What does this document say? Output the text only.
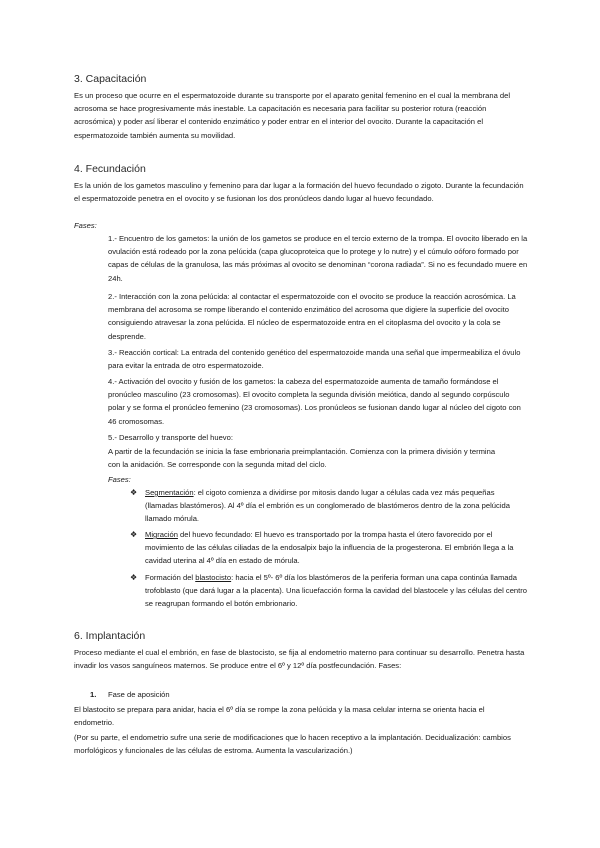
3. Capacitación

Es un proceso que ocurre en el espermatozoide durante su transporte por el aparato genital femenino en el cual la membrana del acrosoma se hace progresivamente más inestable. La capacitación es necesaria para facilitar su posterior rotura (reacción acrosómica) y poder así liberar el contenido enzimático y poder entrar en el interior del ovocito. Durante la capacitación el espermatozoide también aumenta su movilidad.

4. Fecundación

Es la unión de los gametos masculino y femenino para dar lugar a la formación del huevo fecundado o zigoto. Durante la fecundación el espermatozoide penetra en el ovocito y se fusionan los dos pronúcleos dando lugar al huevo fecundado.

Fases:

1.- Encuentro de los gametos: la unión de los gametos se produce en el tercio externo de la trompa. El ovocito liberado en la ovulación está rodeado por la zona pelúcida (capa glucoproteica que lo protege y lo nutre) y el cúmulo oóforo formado por capas de células de la granulosa, las más próximas al ovocito se denominan “corona radiada”. Si no es fecundado muere en 24h.

2.- Interacción con la zona pelúcida: al contactar el espermatozoide con el ovocito se produce la reacción acrosómica. La membrana del acrosoma se rompe liberando el contenido enzimático del acrosoma que digiere la superficie del ovocito consiguiendo atravesar la zona pelúcida. El núcleo de espermatozoide entra en el citoplasma del ovocito y la cola se desprende.

3.- Reacción cortical: La entrada del contenido genético del espermatozoide manda una señal que impermeabiliza el óvulo para evitar la entrada de otro espermatozoide.

4.- Activación del ovocito y fusión de los gametos: la cabeza del espermatozoide aumenta de tamaño formándose el pronúcleo masculino (23 cromosomas). El ovocito completa la segunda división meiótica, dando al segundo corpúsculo polar y se forma el pronúcleo femenino (23 cromosomas). Los pronúcleos se fusionan dando lugar al núcleo del cigoto con 46 cromosomas.

5.- Desarrollo y transporte del huevo:

A partir de la fecundación se inicia la fase embrionaria preimplantación. Comienza con la primera división y termina con la anidación. Se corresponde con la segunda mitad del ciclo.

Fases:

❖ Segmentación: el cigoto comienza a dividirse por mitosis dando lugar a células cada vez más pequeñas (llamadas blastómeros). Al 4º día el embrión es un conglomerado de blastómeros dentro de la zona pelúcida llamado mórula.

❖ Migración del huevo fecundado: El huevo es transportado por la trompa hasta el útero favorecido por el movimiento de las células ciliadas de la endosalpix bajo la influencia de la progesterona. El embrión llega a la cavidad uterina al 4º día en estado de mórula.

❖ Formación del blastocisto: hacia el 5º- 6º día los blastómeros de la periferia forman una capa continúa llamada trofoblasto (que dará lugar a la placenta). Una licuefacción forma la cavidad del blastocele y las células del centro se reagrupan formando el botón embrionario.

6. Implantación

Proceso mediante el cual el embrión, en fase de blastocisto, se fija al endometrio materno para continuar su desarrollo. Penetra hasta invadir los vasos sanguíneos maternos. Se produce entre el 6º y 12º día postfecundación. Fases:

1. Fase de aposición

El blastocito se prepara para anidar, hacia el 6º día se rompe la zona pelúcida y la masa celular interna se orienta hacia el endometrio.

(Por su parte, el endometrio sufre una serie de modificaciones que lo hacen receptivo a la implantación. Decidualización: cambios morfológicos y funcionales de las células de estroma. Aumenta la vascularización.)
